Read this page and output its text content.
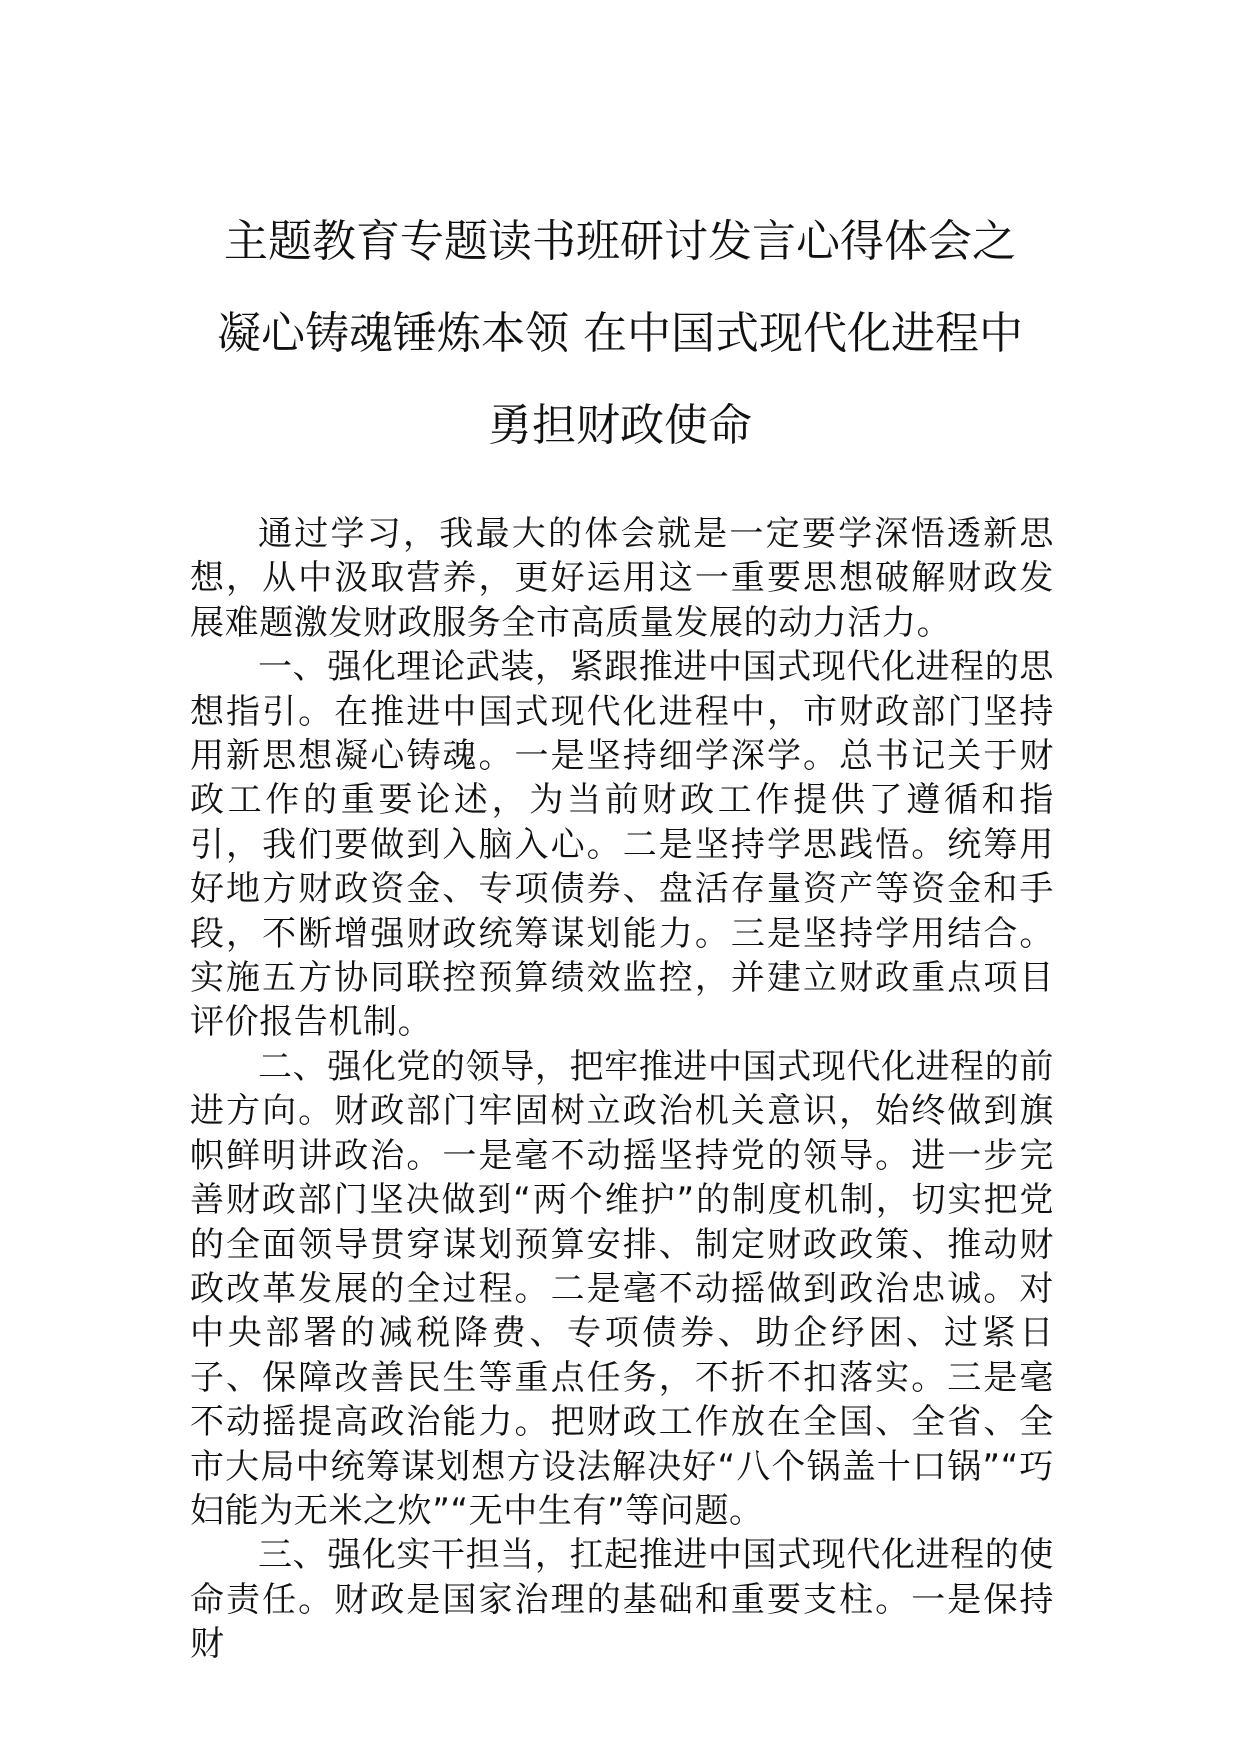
主题教育专题读书班研讨发言心得体会之
凝心铸魂锤炼本领 在中国式现代化进程中
勇担财政使命

通过学习，我最大的体会就是一定要学深悟透新思想，从中汲取营养，更好运用这一重要思想破解财政发展难题激发财政服务全市高质量发展的动力活力。

一、强化理论武装，紧跟推进中国式现代化进程的思想指引。在推进中国式现代化进程中，市财政部门坚持用新思想凝心铸魂。一是坚持细学深学。总书记关于财政工作的重要论述，为当前财政工作提供了遵循和指引，我们要做到入脑入心。二是坚持学思践悟。统筹用好地方财政资金、专项债券、盘活存量资产等资金和手段，不断增强财政统筹谋划能力。三是坚持学用结合。实施五方协同联控预算绩效监控，并建立财政重点项目评价报告机制。

二、强化党的领导，把牢推进中国式现代化进程的前进方向。财政部门牢固树立政治机关意识，始终做到旗帜鲜明讲政治。一是毫不动摇坚持党的领导。进一步完善财政部门坚决做到“两个维护”的制度机制，切实把党的全面领导贯穿谋划预算安排、制定财政政策、推动财政改革发展的全过程。二是毫不动摇做到政治忠诚。对中央部署的减税降费、专项债券、助企纾困、过紧日子、保障改善民生等重点任务，不折不扣落实。三是毫不动摇提高政治能力。把财政工作放在全国、全省、全市大局中统筹谋划想方设法解决好“八个锅盖十口锅”“巧妇能为无米之炊”“无中生有”等问题。

三、强化实干担当，扛起推进中国式现代化进程的使命责任。财政是国家治理的基础和重要支柱。一是保持财
